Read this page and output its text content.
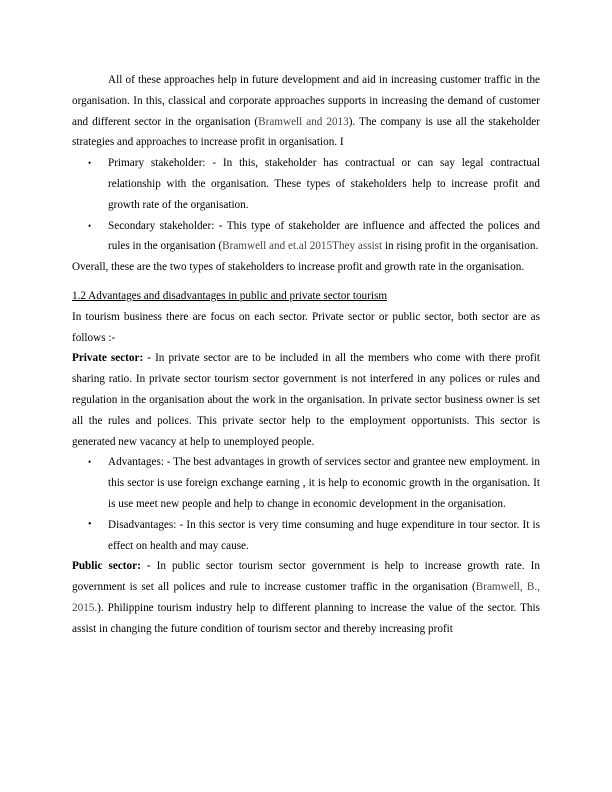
All of these approaches help in future development and aid in increasing customer traffic in the organisation. In this, classical and corporate approaches supports in increasing the demand of customer and different sector in the organisation (Bramwell and 2013). The company is use all the stakeholder strategies and approaches to increase profit in organisation. I

• Primary stakeholder: - In this, stakeholder has contractual or can say legal contractual relationship with the organisation. These types of stakeholders help to increase profit and growth rate of the organisation.
• Secondary stakeholder: - This type of stakeholder are influence and affected the polices and rules in the organisation (Bramwell and et.al 2015They assist in rising profit in the organisation.

Overall, these are the two types of stakeholders to increase profit and growth rate in the organisation.

1.2 Advantages and disadvantages in public and private sector tourism

In tourism business there are focus on each sector. Private sector or public sector, both sector are as follows :-

Private sector: - In private sector are to be included in all the members who come with there profit sharing ratio. In private sector tourism sector government is not interfered in any polices or rules and regulation in the organisation about the work in the organisation. In private sector business owner is set all the rules and polices. This private sector help to the employment opportunists. This sector is generated new vacancy at help to unemployed people.

• Advantages: - The best advantages in growth of services sector and grantee new employment. in this sector is use foreign exchange earning , it is help to economic growth in the organisation. It is use meet new people and help to change in economic development in the organisation.
• Disadvantages: - In this sector is very time consuming and huge expenditure in tour sector. It is effect on health and may cause.

Public sector: - In public sector tourism sector government is help to increase growth rate. In government is set all polices and rule to increase customer traffic in the organisation (Bramwell, B., 2015.). Philippine tourism industry help to different planning to increase the value of the sector. This assist in changing the future condition of tourism sector and thereby increasing profit
